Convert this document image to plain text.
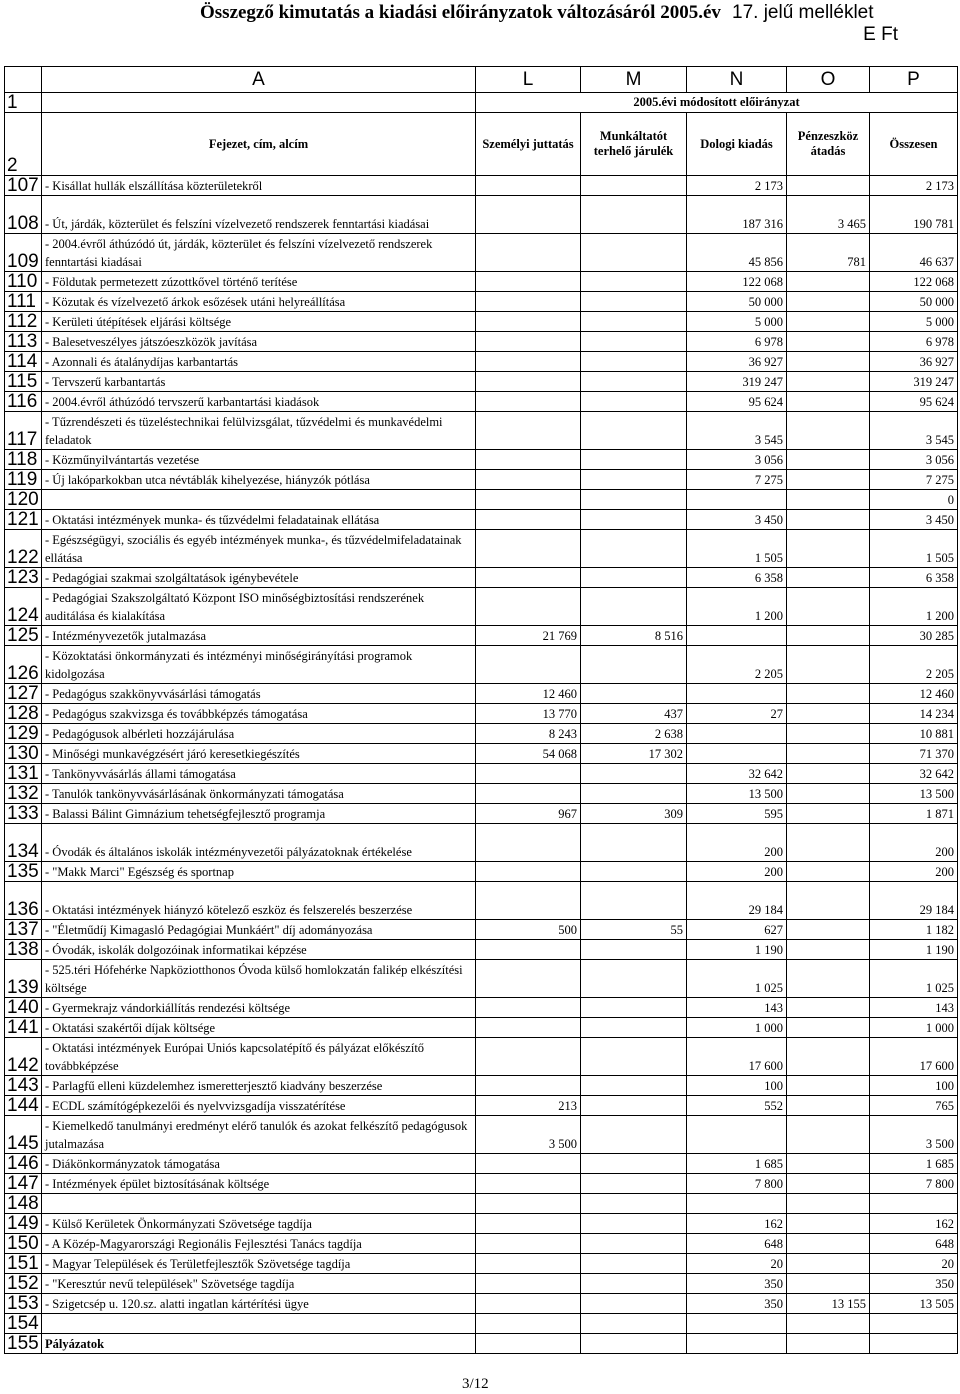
Összegző kimutatás a kiadási előirányzatok változásáról 2005.év 17. jelű melléklet
E Ft
	A	L	M	N	O	P
1		2005.évi módosított előirányzat				
2	Fejezet, cím, alcím	Személyi juttatás	Munkáltatót terhelő járulék	Dologi kiadás	Pénzeszköz átadás	Összesen
107	- Kisállat hullák elszállítása közterületekről			2 173		2 173
108	- Út, járdák, közterület és felszíni vízelvezető rendszerek fenntartási kiadásai			187 316	3 465	190 781
109	- 2004.évről áthúzódó út, járdák, közterület és felszíni vízelvezető rendszerek fenntartási kiadásai			45 856	781	46 637
110	- Földutak permetezett zúzottkővel történő terítése			122 068		122 068
111	- Közutak és vízelvezető árkok esőzések utáni helyreállítása			50 000		50 000
112	- Kerületi útépítések eljárási költsége			5 000		5 000
113	- Balesetveszélyes játszóeszközök javítása			6 978		6 978
114	- Azonnali és átalánydíjas karbantartás			36 927		36 927
115	- Tervszerű karbantartás			319 247		319 247
116	- 2004.évről áthúzódó tervszerű karbantartási kiadások			95 624		95 624
117	- Tűzrendészeti és tüzeléstechnikai felülvizsgálat, tűzvédelmi és munkavédelmi feladatok			3 545		3 545
118	- Közműnyilvántartás vezetése			3 056		3 056
119	- Új lakóparkokban utca névtáblák kihelyezése, hiányzók pótlása			7 275		7 275
120						0
121	- Oktatási intézmények munka- és tűzvédelmi feladatainak ellátása			3 450		3 450
122	- Egészségügyi, szociális és egyéb intézmények munka-, és tűzvédelmifeladatainak ellátása			1 505		1 505
123	- Pedagógiai szakmai szolgáltatások igénybevétele			6 358		6 358
124	- Pedagógiai Szakszolgáltató Központ ISO minőségbiztosítási rendszerének auditálása és kialakítása			1 200		1 200
125	- Intézményvezetők jutalmazása	21 769	8 516			30 285
126	- Közoktatási önkormányzati és intézményi minőségirányítási programok kidolgozása			2 205		2 205
127	- Pedagógus szakkönyvvásárlási támogatás	12 460				12 460
128	- Pedagógus szakvizsga és továbbképzés támogatása	13 770	437	27		14 234
129	- Pedagógusok albérleti hozzájárulása	8 243	2 638			10 881
130	- Minőségi munkavégzésért járó keresetkiegészítés	54 068	17 302			71 370
131	- Tankönyvvásárlás állami támogatása			32 642		32 642
132	- Tanulók tankönyvvásárlásának önkormányzati támogatása			13 500		13 500
133	- Balassi Bálint Gimnázium tehetségfejlesztő programja	967	309	595		1 871
134	- Óvodák és általános iskolák intézményvezetői pályázatoknak értékelése			200		200
135	- "Makk Marci" Egészség és sportnap			200		200
136	- Oktatási intézmények hiányzó kötelező eszköz és felszerelés beszerzése			29 184		29 184
137	- "Életműdíj Kimagasló Pedagógiai Munkáért" díj adományozása	500	55	627		1 182
138	- Óvodák, iskolák dolgozóinak informatikai képzése			1 190		1 190
139	- 525.téri Hófehérke Napköziotthonos Óvoda külső homlokzatán falikép elkészítési költsége			1 025		1 025
140	- Gyermekrajz vándorkiállítás rendezési költsége			143		143
141	- Oktatási szakértői díjak költsége			1 000		1 000
142	- Oktatási intézmények Európai Uniós kapcsolatépítő és pályázat előkészítő továbbképzése			17 600		17 600
143	- Parlagfű elleni küzdelemhez ismeretterjesztő kiadvány beszerzése			100		100
144	- ECDL számítógépkezelői és nyelvvizsgadíja visszatérítése	213		552		765
145	- Kiemelkedő tanulmányi eredményt elérő tanulók és azokat felkészítő pedagógusok jutalmazása	3 500				3 500
146	- Diákönkormányzatok támogatása			1 685		1 685
147	- Intézmények épület biztosításának költsége			7 800		7 800
148						
149	- Külső Kerületek Önkormányzati Szövetsége tagdíja			162		162
150	- A Közép-Magyarországi Regionális Fejlesztési Tanács tagdíja			648		648
151	- Magyar Települések és Területfejlesztők Szövetsége tagdíja			20		20
152	- "Keresztúr nevű települések" Szövetsége tagdíja			350		350
153	- Szigetcsép u. 120.sz. alatti ingatlan kártérítési ügye			350	13 155	13 505
154						
155	Pályázatok					
3/12
